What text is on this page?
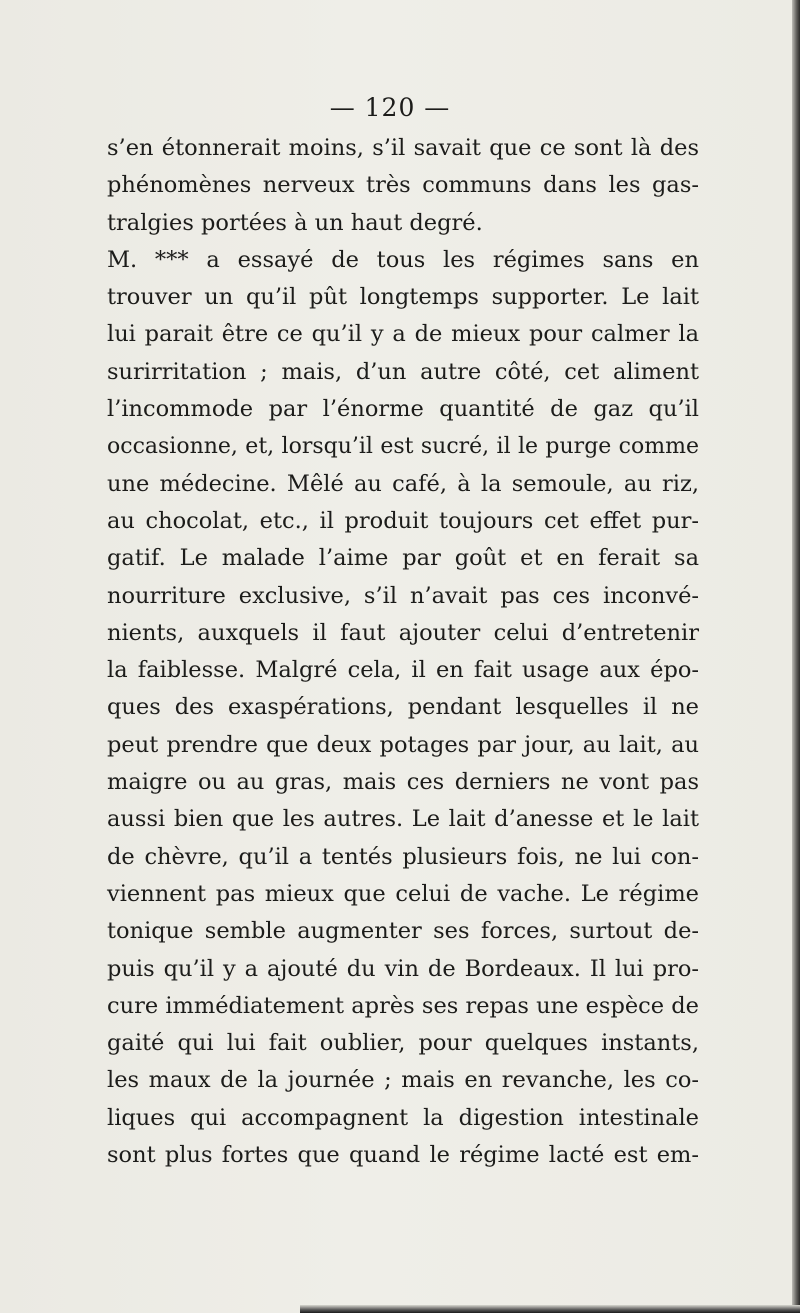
— 120 —
s’en étonnerait moins, s’il savait que ce sont là des
phénomènes nerveux très communs dans les gas-
tralgies portées à un haut degré.
M. *** a essayé de tous les régimes sans en
trouver un qu’il pût longtemps supporter. Le lait
lui parait être ce qu’il y a de mieux pour calmer la
surirritation ; mais, d’un autre côté, cet aliment
l’incommode par l’énorme quantité de gaz qu’il
occasionne, et, lorsqu’il est sucré, il le purge comme
une médecine. Mêlé au café, à la semoule, au riz,
au chocolat, etc., il produit toujours cet effet pur-
gatif. Le malade l’aime par goût et en ferait sa
nourriture exclusive, s’il n’avait pas ces inconvé-
nients, auxquels il faut ajouter celui d’entretenir
la faiblesse. Malgré cela, il en fait usage aux épo-
ques des exaspérations, pendant lesquelles il ne
peut prendre que deux potages par jour, au lait, au
maigre ou au gras, mais ces derniers ne vont pas
aussi bien que les autres. Le lait d’anesse et le lait
de chèvre, qu’il a tentés plusieurs fois, ne lui con-
viennent pas mieux que celui de vache. Le régime
tonique semble augmenter ses forces, surtout de-
puis qu’il y a ajouté du vin de Bordeaux. Il lui pro-
cure immédiatement après ses repas une espèce de
gaité qui lui fait oublier, pour quelques instants,
les maux de la journée ; mais en revanche, les co-
liques qui accompagnent la digestion intestinale
sont plus fortes que quand le régime lacté est em-
